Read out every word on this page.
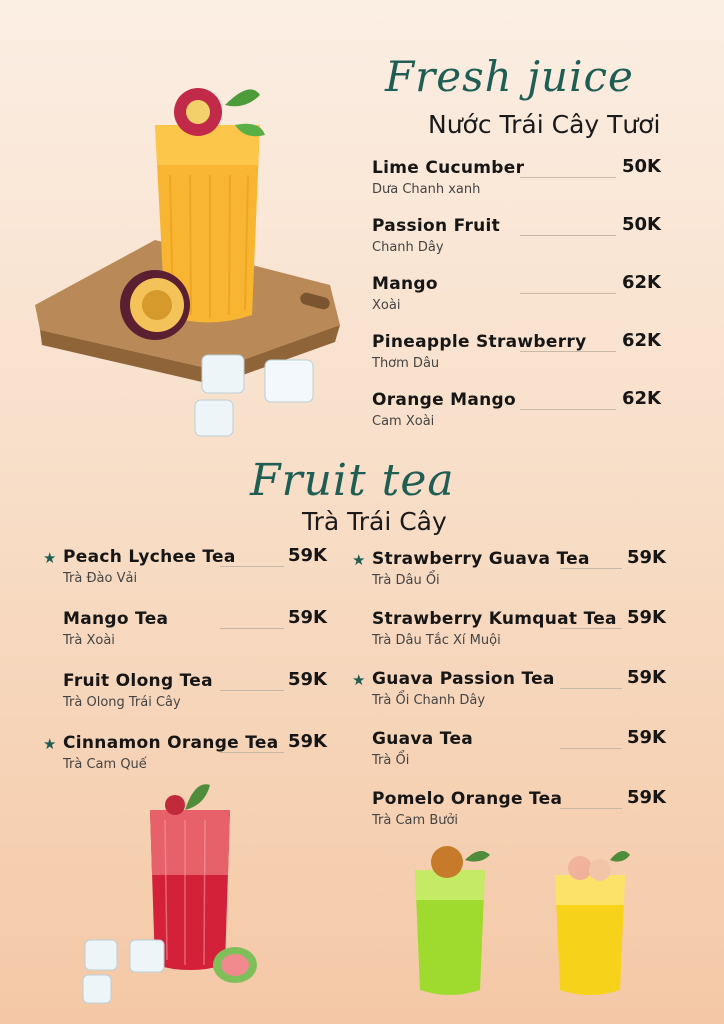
Fresh juice
Nước Trái Cây Tươi
Lime Cucumber	50K
Dưa Chanh xanh
Passion Fruit	50K
Chanh Dây
Mango	62K
Xoài
Pineapple Strawberry 62K
Thơm Dâu
Orange Mango	62K
Cam Xoài
Fruit tea
Trà Trái Cây
★ Peach Lychee Tea	59K
Trà Đào Vải
Mango Tea	59K
Trà Xoài
Fruit Olong Tea	59K
Trà Olong Trái Cây
★ Cinnamon Orange Tea 59K
Trà Cam Quế
★ Strawberry Guava Tea 59K
Trà Dâu Ổi
Strawberry Kumquat Tea 59K
Trà Dâu Tắc Xí Muội
★ Guava Passion Tea	59K
Trà Ổi Chanh Dây
Guava Tea	59K
Trà Ổi
Pomelo Orange Tea	59K
Trà Cam Bưởi
